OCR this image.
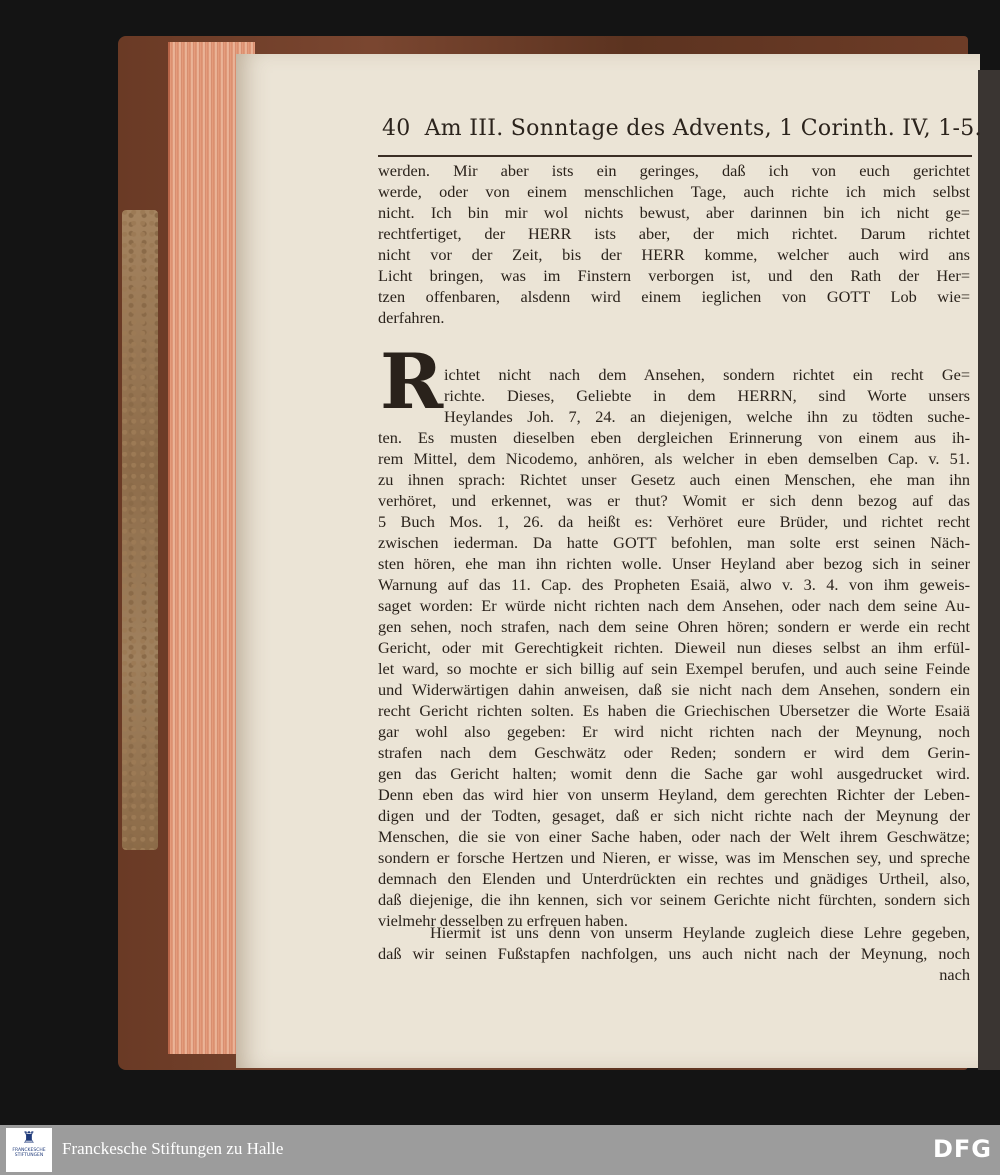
40 Am III. Sonntage des Advents, 1 Corinth. IV, 1-5.
werden. Mir aber ists ein geringes, daß ich von euch gerichtet
werde, oder von einem menschlichen Tage, auch richte ich mich selbst
nicht. Ich bin mir wol nichts bewust, aber darinnen bin ich nicht ge=
rechtfertiget, der HERR ists aber, der mich richtet. Darum richtet
nicht vor der Zeit, bis der HERR komme, welcher auch wird ans
Licht bringen, was im Finstern verborgen ist, und den Rath der Her=
tzen offenbaren, alsdenn wird einem ieglichen von GOTT Lob wie=
derfahren.
R ichtet nicht nach dem Ansehen, sondern richtet ein recht Ge=
richte. Dieses, Geliebte in dem HERRN, sind Worte unsers
Heylandes Joh. 7, 24. an diejenigen, welche ihn zu tödten suche-
ten. Es musten dieselben eben dergleichen Erinnerung von einem aus ih-
rem Mittel, dem Nicodemo, anhören, als welcher in eben demselben Cap. v. 51.
zu ihnen sprach: Richtet unser Gesetz auch einen Menschen, ehe man ihn
verhöret, und erkennet, was er thut? Womit er sich denn bezog auf das
5 Buch Mos. 1, 26. da heißt es: Verhöret eure Brüder, und richtet recht
zwischen iederman. Da hatte GOTT befohlen, man solte erst seinen Näch-
sten hören, ehe man ihn richten wolle. Unser Heyland aber bezog sich in seiner
Warnung auf das 11. Cap. des Propheten Esaiä, alwo v. 3. 4. von ihm geweis-
saget worden: Er würde nicht richten nach dem Ansehen, oder nach dem seine Au-
gen sehen, noch strafen, nach dem seine Ohren hören; sondern er werde ein recht
Gericht, oder mit Gerechtigkeit richten. Dieweil nun dieses selbst an ihm erfül-
let ward, so mochte er sich billig auf sein Exempel berufen, und auch seine Feinde
und Widerwärtigen dahin anweisen, daß sie nicht nach dem Ansehen, sondern ein
recht Gericht richten solten. Es haben die Griechischen Ubersetzer die Worte Esaiä
gar wohl also gegeben: Er wird nicht richten nach der Meynung, noch
strafen nach dem Geschwätz oder Reden; sondern er wird dem Gerin-
gen das Gericht halten; womit denn die Sache gar wohl ausgedrucket wird.
Denn eben das wird hier von unserm Heyland, dem gerechten Richter der Leben-
digen und der Todten, gesaget, daß er sich nicht richte nach der Meynung der
Menschen, die sie von einer Sache haben, oder nach der Welt ihrem Geschwätze;
sondern er forsche Hertzen und Nieren, er wisse, was im Menschen sey, und spreche
demnach den Elenden und Unterdrückten ein rechtes und gnädiges Urtheil, also,
daß diejenige, die ihn kennen, sich vor seinem Gerichte nicht fürchten, sondern sich
vielmehr desselben zu erfreuen haben.
Hiermit ist uns denn von unserm Heylande zugleich diese Lehre gegeben,
daß wir seinen Fußstapfen nachfolgen, uns auch nicht nach der Meynung, noch
nach
♜
FRANCKESCHE STIFTUNGEN	Franckesche Stiftungen zu Halle	DFG
